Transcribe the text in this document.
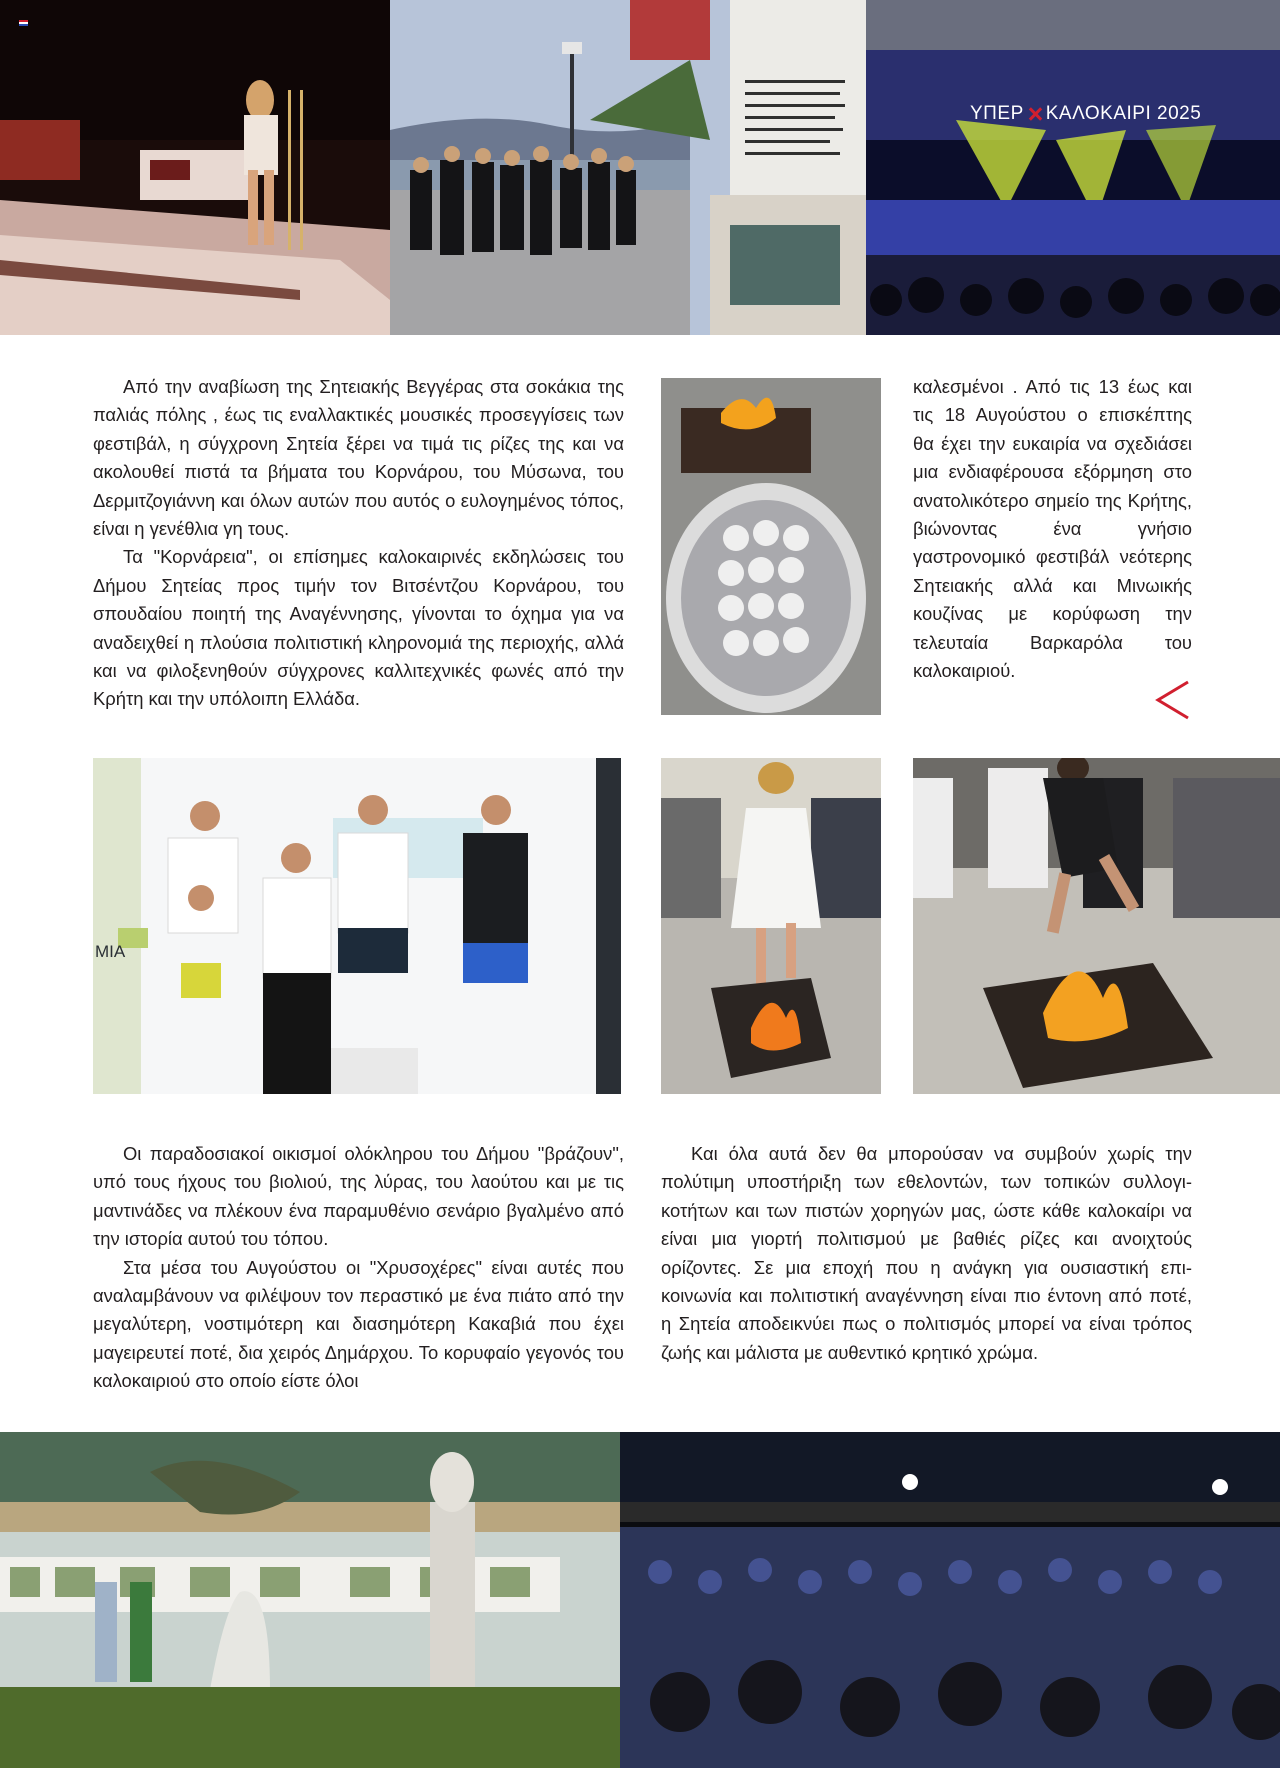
ΥΠΕΡ ΚΑΛΟΚΑΙΡΙ 2025

Από την αναβίωση της Σητειακής Βεγγέρας στα σοκάκια της παλιάς πόλης , έως τις εναλλακτικές μουσικές προσεγγίσεις των φεστιβάλ, η σύγχρονη Σητεία ξέρει να τιμά τις ρίζες της και να ακολουθεί πιστά τα βήματα του Κορνάρου, του Μύσωνα, του Δερμιτζογιάννη και όλων αυτών που αυτός ο ευλογημένος τόπος, είναι η γενέθλια γη τους.

Τα "Κορνάρεια", οι επίσημες καλοκαιρινές εκδηλώσεις του Δήμου Σητείας προς τιμήν τον Βιτσέντζου Κορνάρου, του σπουδαίου ποιητή της Αναγέννησης, γίνονται το όχημα για να αναδειχθεί η πλούσια πολιτιστική κληρονομιά της περιοχής, αλλά και να φιλοξενηθούν σύγχρονες καλλιτεχνικές φωνές από την Κρήτη και την υπόλοιπη Ελλάδα.

καλεσμένοι . Από τις 13 έως και τις 18 Αυγούστου ο επισκέπτης θα έχει την ευκαιρία να σχεδιάσει μια ενδιαφέρουσα εξόρμηση στο ανατολικότερο σημείο της Κρήτης, βιώνοντας ένα γνήσιο γαστρονομικό φεστιβάλ νεότερης Σητειακής αλλά και Μινωικής κουζίνας με κορύφωση την τελευταία Βαρκαρόλα του καλοκαιριού.

ΜΙΑ

Οι παραδοσιακοί οικισμοί ολόκληρου του Δήμου "βράζουν", υπό τους ήχους του βιολιού, της λύρας, του λαούτου και με τις μαντινάδες να πλέκουν ένα παραμυθένιο σενάριο βγαλμένο από την ιστορία αυτού του τόπου.

Στα μέσα του Αυγούστου οι "Χρυσοχέρες" είναι αυτές που αναλαμβάνουν να φιλέψουν τον περαστικό με ένα πιάτο από την μεγαλύτερη, νοστιμότερη και διασημότερη Κακαβιά που έχει μαγειρευτεί ποτέ, δια χειρός Δημάρχου. Το κορυφαίο γεγονός του καλοκαιριού στο οποίο είστε όλοι

Και όλα αυτά δεν θα μπορούσαν να συμβούν χωρίς την πολύτιμη υποστήριξη των εθελοντών, των τοπικών συλλογικοτήτων και των πιστών χορηγών μας, ώστε κάθε καλοκαίρι να είναι μια γιορτή πολιτισμού με βαθιές ρίζες και ανοιχτούς ορίζοντες. Σε μια εποχή που η ανάγκη για ουσιαστική επικοινωνία και πολιτιστική αναγέννηση είναι πιο έντονη από ποτέ, η Σητεία αποδεικνύει πως ο πολιτισμός μπορεί να είναι τρόπος ζωής και μάλιστα με αυθεντικό κρητικό χρώμα.
